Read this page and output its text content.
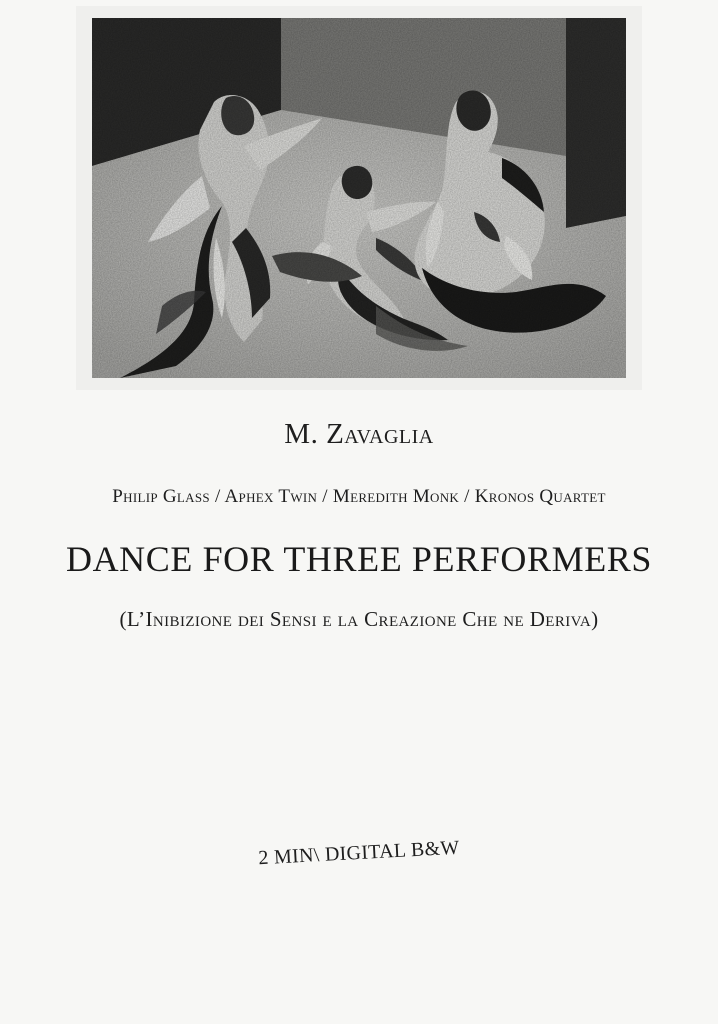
M. Zavaglia
Philip Glass / Aphex Twin / Meredith Monk / Kronos Quartet
DANCE FOR THREE PERFORMERS
(L’Inibizione dei Sensi e la Creazione Che ne Deriva)
2 MIN\ DIGITAL B&W
